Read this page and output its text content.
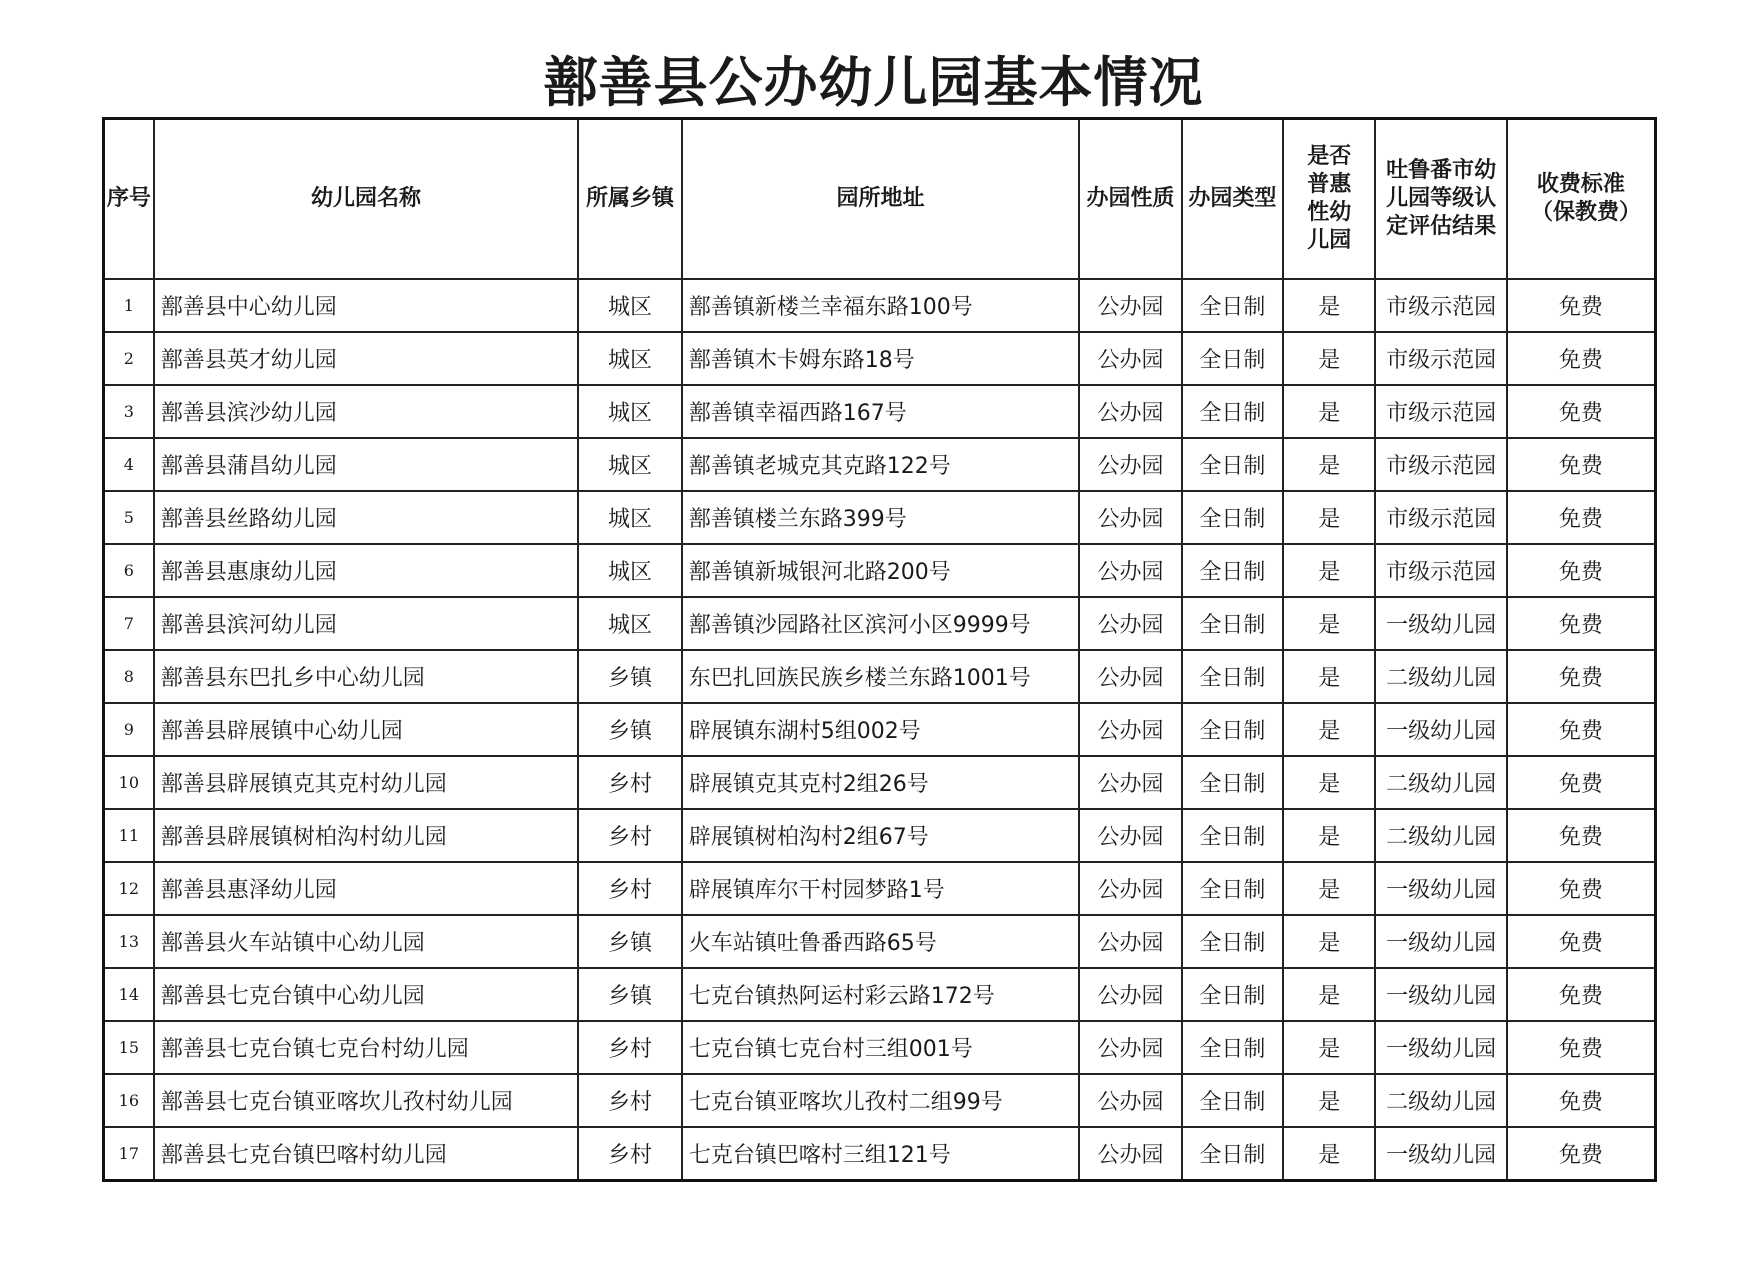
鄯善县公办幼儿园基本情况
序号	幼儿园名称	所属乡镇	园所地址	办园性质	办园类型	是否普惠性幼儿园	吐鲁番市幼儿园等级认定评估结果	收费标准（保教费）
1	鄯善县中心幼儿园	城区	鄯善镇新楼兰幸福东路100号	公办园	全日制	是	市级示范园	免费
2	鄯善县英才幼儿园	城区	鄯善镇木卡姆东路18号	公办园	全日制	是	市级示范园	免费
3	鄯善县滨沙幼儿园	城区	鄯善镇幸福西路167号	公办园	全日制	是	市级示范园	免费
4	鄯善县蒲昌幼儿园	城区	鄯善镇老城克其克路122号	公办园	全日制	是	市级示范园	免费
5	鄯善县丝路幼儿园	城区	鄯善镇楼兰东路399号	公办园	全日制	是	市级示范园	免费
6	鄯善县惠康幼儿园	城区	鄯善镇新城银河北路200号	公办园	全日制	是	市级示范园	免费
7	鄯善县滨河幼儿园	城区	鄯善镇沙园路社区滨河小区9999号	公办园	全日制	是	一级幼儿园	免费
8	鄯善县东巴扎乡中心幼儿园	乡镇	东巴扎回族民族乡楼兰东路1001号	公办园	全日制	是	二级幼儿园	免费
9	鄯善县辟展镇中心幼儿园	乡镇	辟展镇东湖村5组002号	公办园	全日制	是	一级幼儿园	免费
10	鄯善县辟展镇克其克村幼儿园	乡村	辟展镇克其克村2组26号	公办园	全日制	是	二级幼儿园	免费
11	鄯善县辟展镇树柏沟村幼儿园	乡村	辟展镇树柏沟村2组67号	公办园	全日制	是	二级幼儿园	免费
12	鄯善县惠泽幼儿园	乡村	辟展镇库尔干村园梦路1号	公办园	全日制	是	一级幼儿园	免费
13	鄯善县火车站镇中心幼儿园	乡镇	火车站镇吐鲁番西路65号	公办园	全日制	是	一级幼儿园	免费
14	鄯善县七克台镇中心幼儿园	乡镇	七克台镇热阿运村彩云路172号	公办园	全日制	是	一级幼儿园	免费
15	鄯善县七克台镇七克台村幼儿园	乡村	七克台镇七克台村三组001号	公办园	全日制	是	一级幼儿园	免费
16	鄯善县七克台镇亚喀坎儿孜村幼儿园	乡村	七克台镇亚喀坎儿孜村二组99号	公办园	全日制	是	二级幼儿园	免费
17	鄯善县七克台镇巴喀村幼儿园	乡村	七克台镇巴喀村三组121号	公办园	全日制	是	一级幼儿园	免费
